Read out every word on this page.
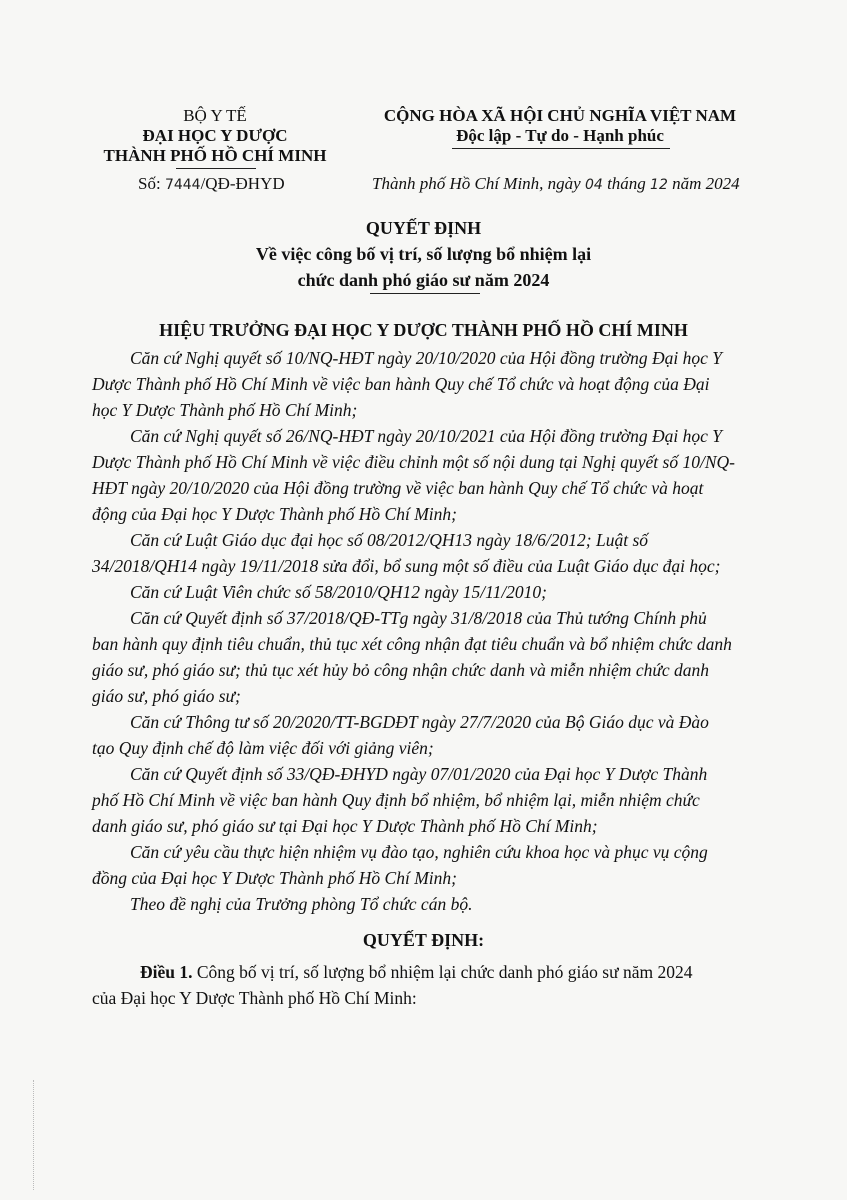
BỘ Y TẾ
ĐẠI HỌC Y DƯỢC
THÀNH PHỐ HỒ CHÍ MINH
Số: 7444/QĐ-ĐHYD
CỘNG HÒA XÃ HỘI CHỦ NGHĨA VIỆT NAM
Độc lập - Tự do - Hạnh phúc
Thành phố Hồ Chí Minh, ngày 04 tháng 12 năm 2024
QUYẾT ĐỊNH
Về việc công bố vị trí, số lượng bổ nhiệm lại
chức danh phó giáo sư năm 2024
HIỆU TRƯỞNG ĐẠI HỌC Y DƯỢC THÀNH PHỐ HỒ CHÍ MINH
Căn cứ Nghị quyết số 10/NQ-HĐT ngày 20/10/2020 của Hội đồng trường Đại học Y
Dược Thành phố Hồ Chí Minh về việc ban hành Quy chế Tổ chức và hoạt động của Đại
học Y Dược Thành phố Hồ Chí Minh;
Căn cứ Nghị quyết số 26/NQ-HĐT ngày 20/10/2021 của Hội đồng trường Đại học Y
Dược Thành phố Hồ Chí Minh về việc điều chỉnh một số nội dung tại Nghị quyết số 10/NQ-
HĐT ngày 20/10/2020 của Hội đồng trường về việc ban hành Quy chế Tổ chức và hoạt
động của Đại học Y Dược Thành phố Hồ Chí Minh;
Căn cứ Luật Giáo dục đại học số 08/2012/QH13 ngày 18/6/2012; Luật số
34/2018/QH14 ngày 19/11/2018 sửa đổi, bổ sung một số điều của Luật Giáo dục đại học;
Căn cứ Luật Viên chức số 58/2010/QH12 ngày 15/11/2010;
Căn cứ Quyết định số 37/2018/QĐ-TTg ngày 31/8/2018 của Thủ tướng Chính phủ
ban hành quy định tiêu chuẩn, thủ tục xét công nhận đạt tiêu chuẩn và bổ nhiệm chức danh
giáo sư, phó giáo sư; thủ tục xét hủy bỏ công nhận chức danh và miễn nhiệm chức danh
giáo sư, phó giáo sư;
Căn cứ Thông tư số 20/2020/TT-BGDĐT ngày 27/7/2020 của Bộ Giáo dục và Đào
tạo Quy định chế độ làm việc đối với giảng viên;
Căn cứ Quyết định số 33/QĐ-ĐHYD ngày 07/01/2020 của Đại học Y Dược Thành
phố Hồ Chí Minh về việc ban hành Quy định bổ nhiệm, bổ nhiệm lại, miễn nhiệm chức
danh giáo sư, phó giáo sư tại Đại học Y Dược Thành phố Hồ Chí Minh;
Căn cứ yêu cầu thực hiện nhiệm vụ đào tạo, nghiên cứu khoa học và phục vụ cộng
đồng của Đại học Y Dược Thành phố Hồ Chí Minh;
Theo đề nghị của Trưởng phòng Tổ chức cán bộ.
QUYẾT ĐỊNH:
Điều 1. Công bố vị trí, số lượng bổ nhiệm lại chức danh phó giáo sư năm 2024
của Đại học Y Dược Thành phố Hồ Chí Minh:
